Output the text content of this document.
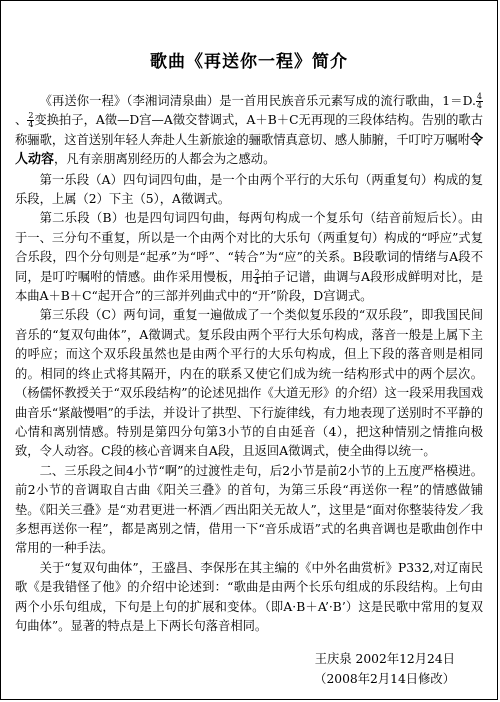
歌曲《再送你一程》简介

《再送你一程》（李湘词清泉曲）是一首用民族音乐元素写成的流行歌曲，1＝D. $\frac{4}{4}$
、 $\frac{2}{4}$ 变换拍子，A徵—D宫—A徵交替调式，A＋B＋C无再现的三段体结构。告别的歌古称骊歌，这首送别年轻人奔赴人生新旅途的骊歌情真意切、感人肺腑，千叮咛万嘱咐令人动容，凡有亲朋离别经历的人都会为之感动。

第一乐段（A）四句词四句曲，是一个由两个平行的大乐句（两重复句）构成的复乐段，上属（2）下主（5），A徵调式。

第二乐段（B）也是四句词四句曲，每两句构成一个复乐句（结音前短后长）。由于一、三分句不重复，所以是一个由两个对比的大乐句（两重复句）构成的“呼应”式复合乐段，四个分句则是“起承”为“呼”、“转合”为“应”的关系。B段歌词的情绪与A段不同，是叮咛嘱咐的情感。曲作采用慢板，用 $\frac{2}{4}$ 拍子记谱，曲调与A段形成鲜明对比，是本曲A＋B＋C“起开合”的三部并列曲式中的“开”阶段，D宫调式。

第三乐段（C）两句词，重复一遍做成了一个类似复乐段的“双乐段”，即我国民间音乐的“复双句曲体”，A徵调式。复乐段由两个平行大乐句构成，落音一般是上属下主的呼应；而这个双乐段虽然也是由两个平行的大乐句构成，但上下段的落音则是相同的。相同的终止式将其隔开，内在的联系又使它们成为统一结构形式中的两个层次。（杨儒怀教授关于“双乐段结构”的论述见拙作《大道无形》的介绍）这一段采用我国戏曲音乐“紧敲慢唱”的手法，并设计了拱型、下行旋律线，有力地表现了送别时不平静的心情和离别情感。特别是第四分句第3小节的自由延音（4），把这种情别之情推向极致，令人动容。C段的核心音调来自A段，且返回A徵调式，使全曲得以统一。

二、三乐段之间4小节“啊”的过渡性走句，后2小节是前2小节的上五度严格模进。前2小节的音调取自古曲《阳关三叠》的首句，为第三乐段“再送你一程”的情感做铺垫。《阳关三叠》是“劝君更进一杯酒／西出阳关无故人”，这里是“面对你整装待发／我多想再送你一程”，都是离别之情，借用一下“音乐成语”式的名典音调也是歌曲创作中常用的一种手法。

关于“复双句曲体”，王盛昌、李保彤在其主编的《中外名曲赏析》P332,对辽南民歌《是我错怪了他》的介绍中论述到：“歌曲是由两个长乐句组成的乐段结构。上句由两个小乐句组成，下句是上句的扩展和变体。（即A·B＋A’·B’）这是民歌中常用的复双句曲体”。显著的特点是上下两长句落音相同。

王庆泉 2002年12月24日
（2008年2月14日修改）
